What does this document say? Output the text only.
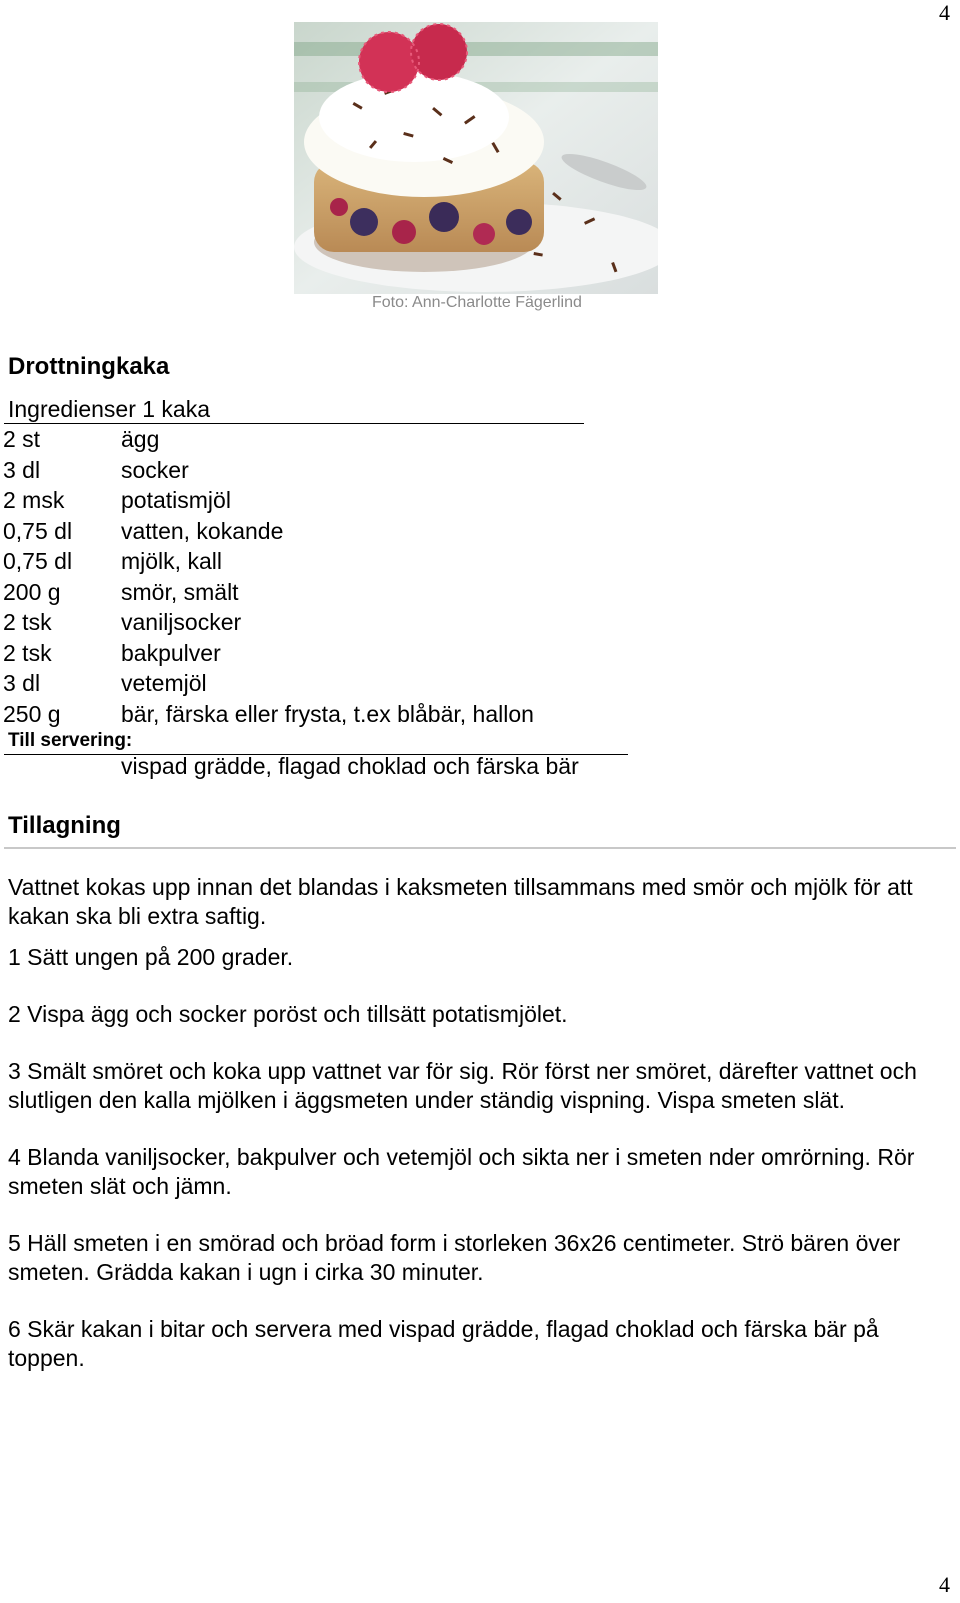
4
Foto: Ann-Charlotte Fägerlind
Drottningkaka
Ingredienser 1 kaka
2 st	ägg
3 dl	socker
2 msk potatismjöl
0,75 dl vatten, kokande
0,75 dl mjölk, kall
200 g	smör, smält
2 tsk	vaniljsocker
2 tsk	bakpulver
3 dl	vetemjöl
250 g	bär, färska eller frysta, t.ex blåbär, hallon
Till servering:
vispad grädde, flagad choklad och färska bär
Tillagning

Vattnet kokas upp innan det blandas i kaksmeten tillsammans med smör och mjölk för att kakan ska bli extra saftig.

1 Sätt ungen på 200 grader.

2 Vispa ägg och socker poröst och tillsätt potatismjölet.

3 Smält smöret och koka upp vattnet var för sig. Rör först ner smöret, därefter vattnet och slutligen den kalla mjölken i äggsmeten under ständig vispning. Vispa smeten slät.

4 Blanda vaniljsocker, bakpulver och vetemjöl och sikta ner i smeten nder omrörning. Rör smeten slät och jämn.

5 Häll smeten i en smörad och bröad form i storleken 36x26 centimeter. Strö bären över smeten. Grädda kakan i ugn i cirka 30 minuter.

6 Skär kakan i bitar och servera med vispad grädde, flagad choklad och färska bär på toppen.

4
